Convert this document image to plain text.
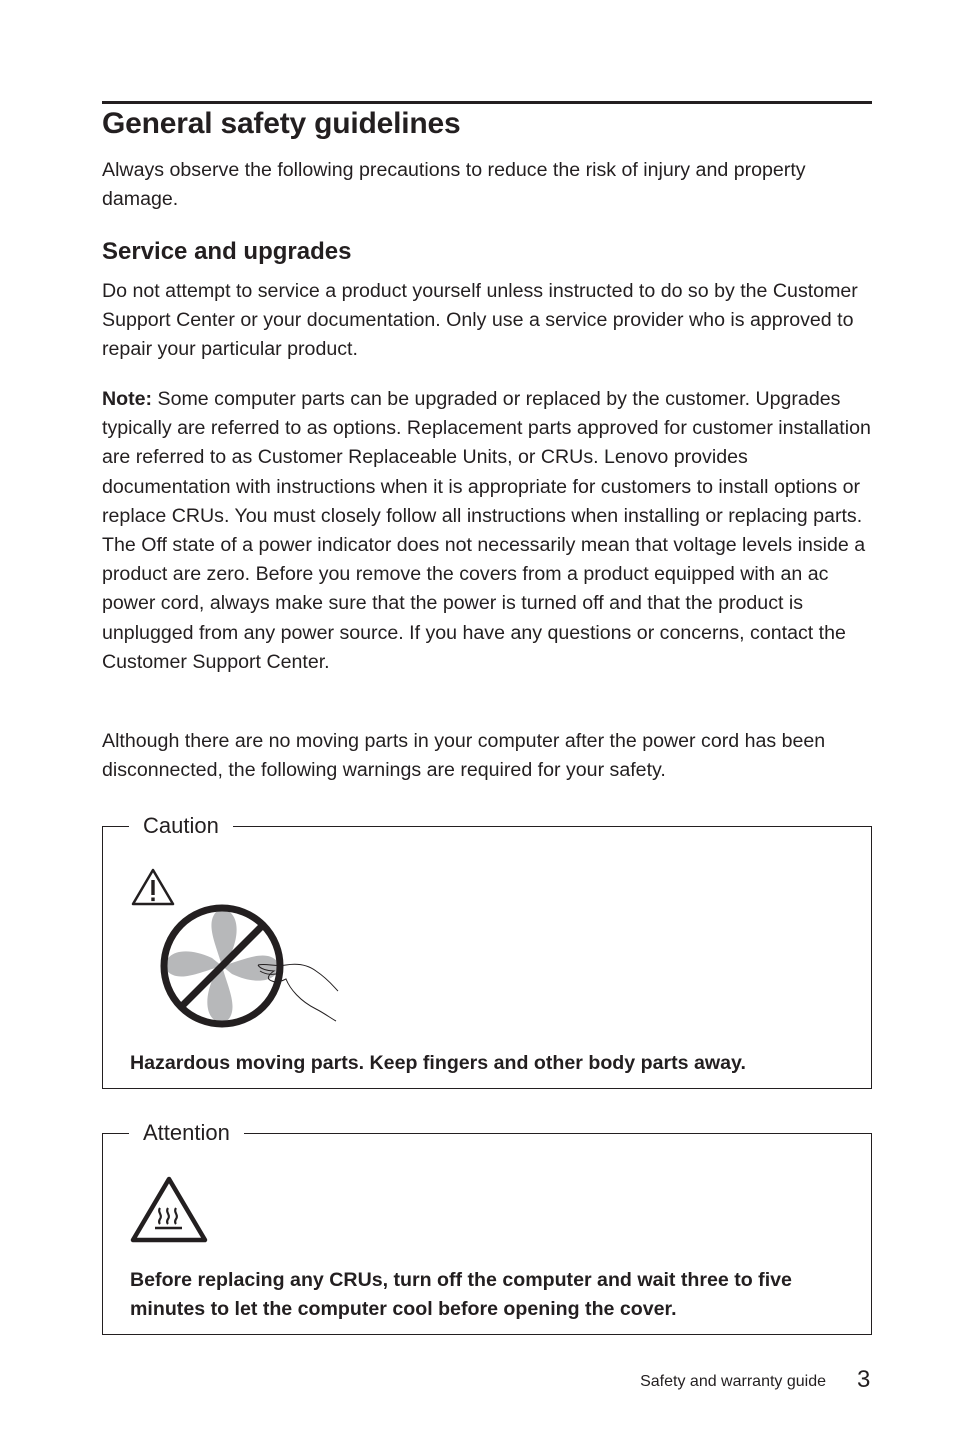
General safety guidelines

Always observe the following precautions to reduce the risk of injury and property damage.

Service and upgrades

Do not attempt to service a product yourself unless instructed to do so by the Customer Support Center or your documentation. Only use a service provider who is approved to repair your particular product.

Note: Some computer parts can be upgraded or replaced by the customer. Upgrades typically are referred to as options. Replacement parts approved for customer installation are referred to as Customer Replaceable Units, or CRUs. Lenovo provides documentation with instructions when it is appropriate for customers to install options or replace CRUs. You must closely follow all instructions when installing or replacing parts. The Off state of a power indicator does not necessarily mean that voltage levels inside a product are zero. Before you remove the covers from a product equipped with an ac power cord, always make sure that the power is turned off and that the product is unplugged from any power source. If you have any questions or concerns, contact the Customer Support Center.

Although there are no moving parts in your computer after the power cord has been disconnected, the following warnings are required for your safety.

Caution
Hazardous moving parts. Keep fingers and other body parts away.
Attention
Before replacing any CRUs, turn off the computer and wait three to five minutes to let the computer cool before opening the cover.
Safety and warranty guide 3
